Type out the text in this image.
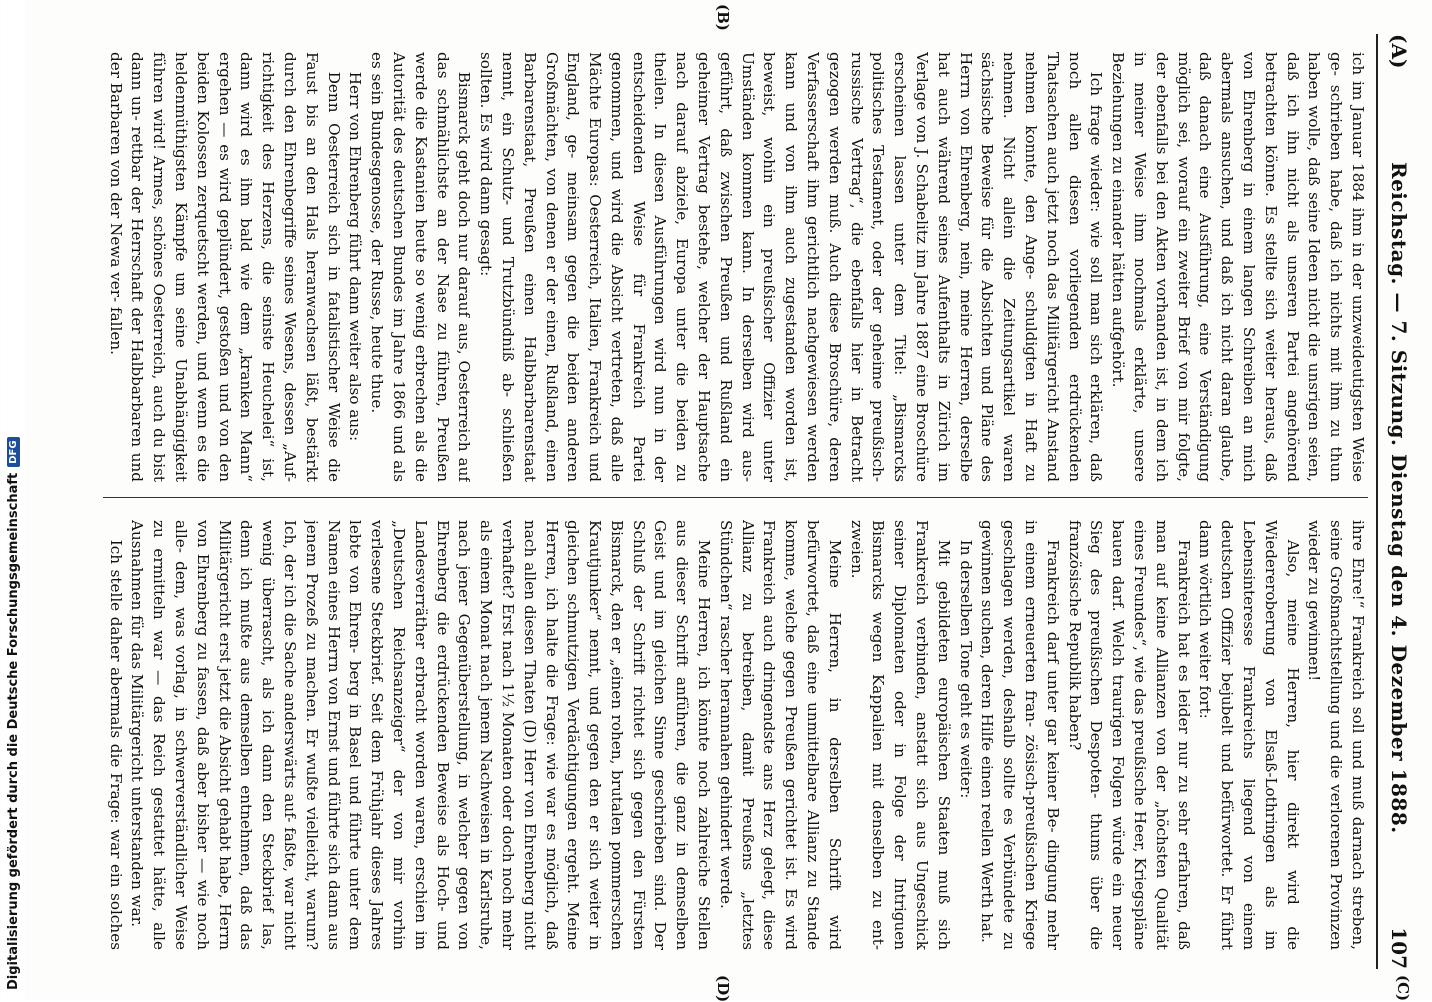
(A)
Reichstag. — 7. Sitzung. Dienstag den 4. Dezember 1888.
107

ich im Januar 1884 ihm in der unzweideutigsten Weise ge- schrieben habe, daß ich nichts mit ihm zu thun haben wolle, daß seine Ideen nicht die unsrigen seien, daß ich ihn nicht als unseren Partei angehörend betrachten könne. Es stellte sich weiter heraus, daß von Ehrenberg in einem langen Schreiben an mich abermals ansuchen, und daß ich nicht daran glaube, daß danach eine Ausführung, eine Verständigung möglich sei, worauf ein zweiter Brief von mir folgte, der ebenfalls bei den Akten vorhanden ist, in dem ich in meiner Weise ihm nochmals erklärte, unsere Beziehungen zu einander hätten aufgehört.

Ich frage wieder: wie soll man sich erklären, daß noch allen diesen vorliegenden erdrückenden Thatsachen auch jetzt noch das Militärgericht Anstand nehmen konnte, den Ange- schuldigten in Haft zu nehmen. Nicht allein die Zeitungsartikel waren sächsische Beweise für die Absichten und Pläne des Herrn von Ehrenberg, nein, meine Herren, derselbe hat auch während seines Aufenthalts in Zürich im Verlage von J. Schabelitz im Jahre 1887 eine Broschüre erscheinen lassen unter dem Titel: „Bismarcks politisches Testament, oder der geheime preußisch-russische Vertrag“, die ebenfalls hier in Betracht gezogen werden muß. Auch diese Broschüre, deren Verfasserschaft ihm gerichtlich nachgewiesen werden kann und von ihm auch zugestanden worden ist, beweist, wohin ein preußischer Offizier unter Umständen kommen kann. In derselben wird aus- geführt, daß zwischen Preußen und Rußland ein geheimer Vertrag bestehe, welcher der Hauptsache nach darauf abziele, Europa unter die beiden zu theilen. In diesen Ausführungen wird nun in der entscheidenden Weise für Frankreich Partei genommen, und wird die Absicht vertreten, daß alle Mächte Europas: Oesterreich, Italien, Frankreich und England, ge- meinsam gegen die beiden anderen Großmächten, von denen er der einen, Rußland, einen Barbarenstaat, Preußen einen Halbbarbarenstaat nennt, ein Schutz- und Trutzbündniß ab- schließen sollten. Es wird dann gesagt:

Bismarck geht doch nur darauf aus, Oesterreich auf das schmählichste an der Nase zu führen, Preußen werde die Kastanien heute so wenig erbrechen als die Autorität des deutschen Bundes im Jahre 1866 und als es sein Bundesgenosse, der Russe, heute thue.

Herr von Ehrenberg führt dann weiter also aus:

Denn Oesterreich sich in fatalistischer Weise die Faust bis an den Hals heranwachsen läßt, bestärkt durch den Ehrenbegriffe seines Wesens, dessen „Auf- richtigkeit des Herzens, die seinste Heuchelei“ ist, dann wird es ihm bald wie dem „kranken Mann“ ergehen — es wird geplündert, gestoßen und von den beiden Kolossen zerquetscht werden, und wenn es die heldenmüthigsten Kämpfe um seine Unabhängigkeit führen wird! Armes, schönes Oesterreich, auch du bist dann un- rettbar der Herrschaft der Halbbarbaren und der Barbaren von der Newa ver- fallen.

ihre Ehre!“ Frankreich soll und muß darnach streben, seine Großmachtstellung und die verlorenen Provinzen wieder zu gewinnen!

Also, meine Herren, hier direkt wird die Wiedereroberung von Elsaß-Lothringen als im Lebensinteresse Frankreichs liegend von einem deutschen Offizier bejubelt und befürwortet. Er führt dann wörtlich weiter fort:

Frankreich hat es leider nur zu sehr erfahren, daß man auf keine Allianzen von der „höchsten Qualität eines Freundes“, wie das preußische Heer, Kriegspläne bauen darf. Welch traurigen Folgen würde ein neuer Sieg des preußischen Despoten- thums über die französische Republik haben?

Frankreich darf unter gar keiner Be- dingung mehr in einem erneuerten fran- zösisch-preußischen Kriege geschlagen werden, deshalb sollte es Verbündete zu gewinnen suchen, deren Hilfe einen reellen Werth hat.

In derselben Tone geht es weiter:

Mit gebildeten europäischen Staaten muß sich Frankreich verbinden, anstatt sich aus Ungeschick seiner Diplomaten oder in Folge der Intriguen Bismarcks wegen Kappalien mit denselben zu ent- zweien.

Meine Herren, in derselben Schrift wird befürwortet, daß eine unmittelbare Allianz zu Stande komme, welche gegen Preußen gerichtet ist. Es wird Frankreich auch dringendste ans Herz gelegt, diese Allianz zu betreiben, damit Preußens „letztes Stündchen“ rascher herannahen gehindert werde.

Meine Herren, ich könnte noch zahlreiche Stellen aus dieser Schrift anführen, die ganz in demselben Geist und im gleichen Sinne geschrieben sind. Der Schluß der Schrift richtet sich gegen den Fürsten Bismarck, den er „einen rohen, brutalen pommerschen Krautjunker“ nennt, und gegen den er sich weiter in gleichen schmutzigen Verdächtigungen ergeht. Meine Herren, ich halte die Frage: wie war es möglich, daß nach allen diesen Thaten (D) Herr von Ehrenberg nicht verhaftet? Erst nach 1½ Monaten oder doch noch mehr als einem Monat nach jenem Nachweisen in Karlsruhe, nach jener Gegenüberstellung, in welcher gegen von Ehrenberg die erdrückenden Beweise als Hoch- und Landesverräther erbracht worden waren, erschien im „Deutschen Reichsanzeiger“ der von mir vorhin verlesene Steckbrief. Seit dem Frühjahr dieses Jahres lebte von Ehren- berg in Basel und führte unter dem Namen eines Herrn von Ernst und führte sich dann aus jenem Prozeß zu machen. Er wußte vielleicht, warum? Ich, der ich die Sache anderswärts auf- faßte, war nicht wenig überrascht, als ich dann den Steckbrief las, denn ich mußte aus demselben entnehmen, daß das Militärgericht erst jetzt die Absicht gehabt habe, Herrn von Ehrenberg zu fassen, daß aber bisher — wie noch alle- dem, was vorlag, in schwerverständlicher Weise zu ermitteln war — das Reich gestattet hätte, alle Ausnahmen für das Militärgericht unterstanden war.

Ich stelle daher abermals die Frage: war ein solches

(B)
(C)
(D)
Digitalisierung gefördert durch die Deutsche Forschungsgemeinschaft
DFG
